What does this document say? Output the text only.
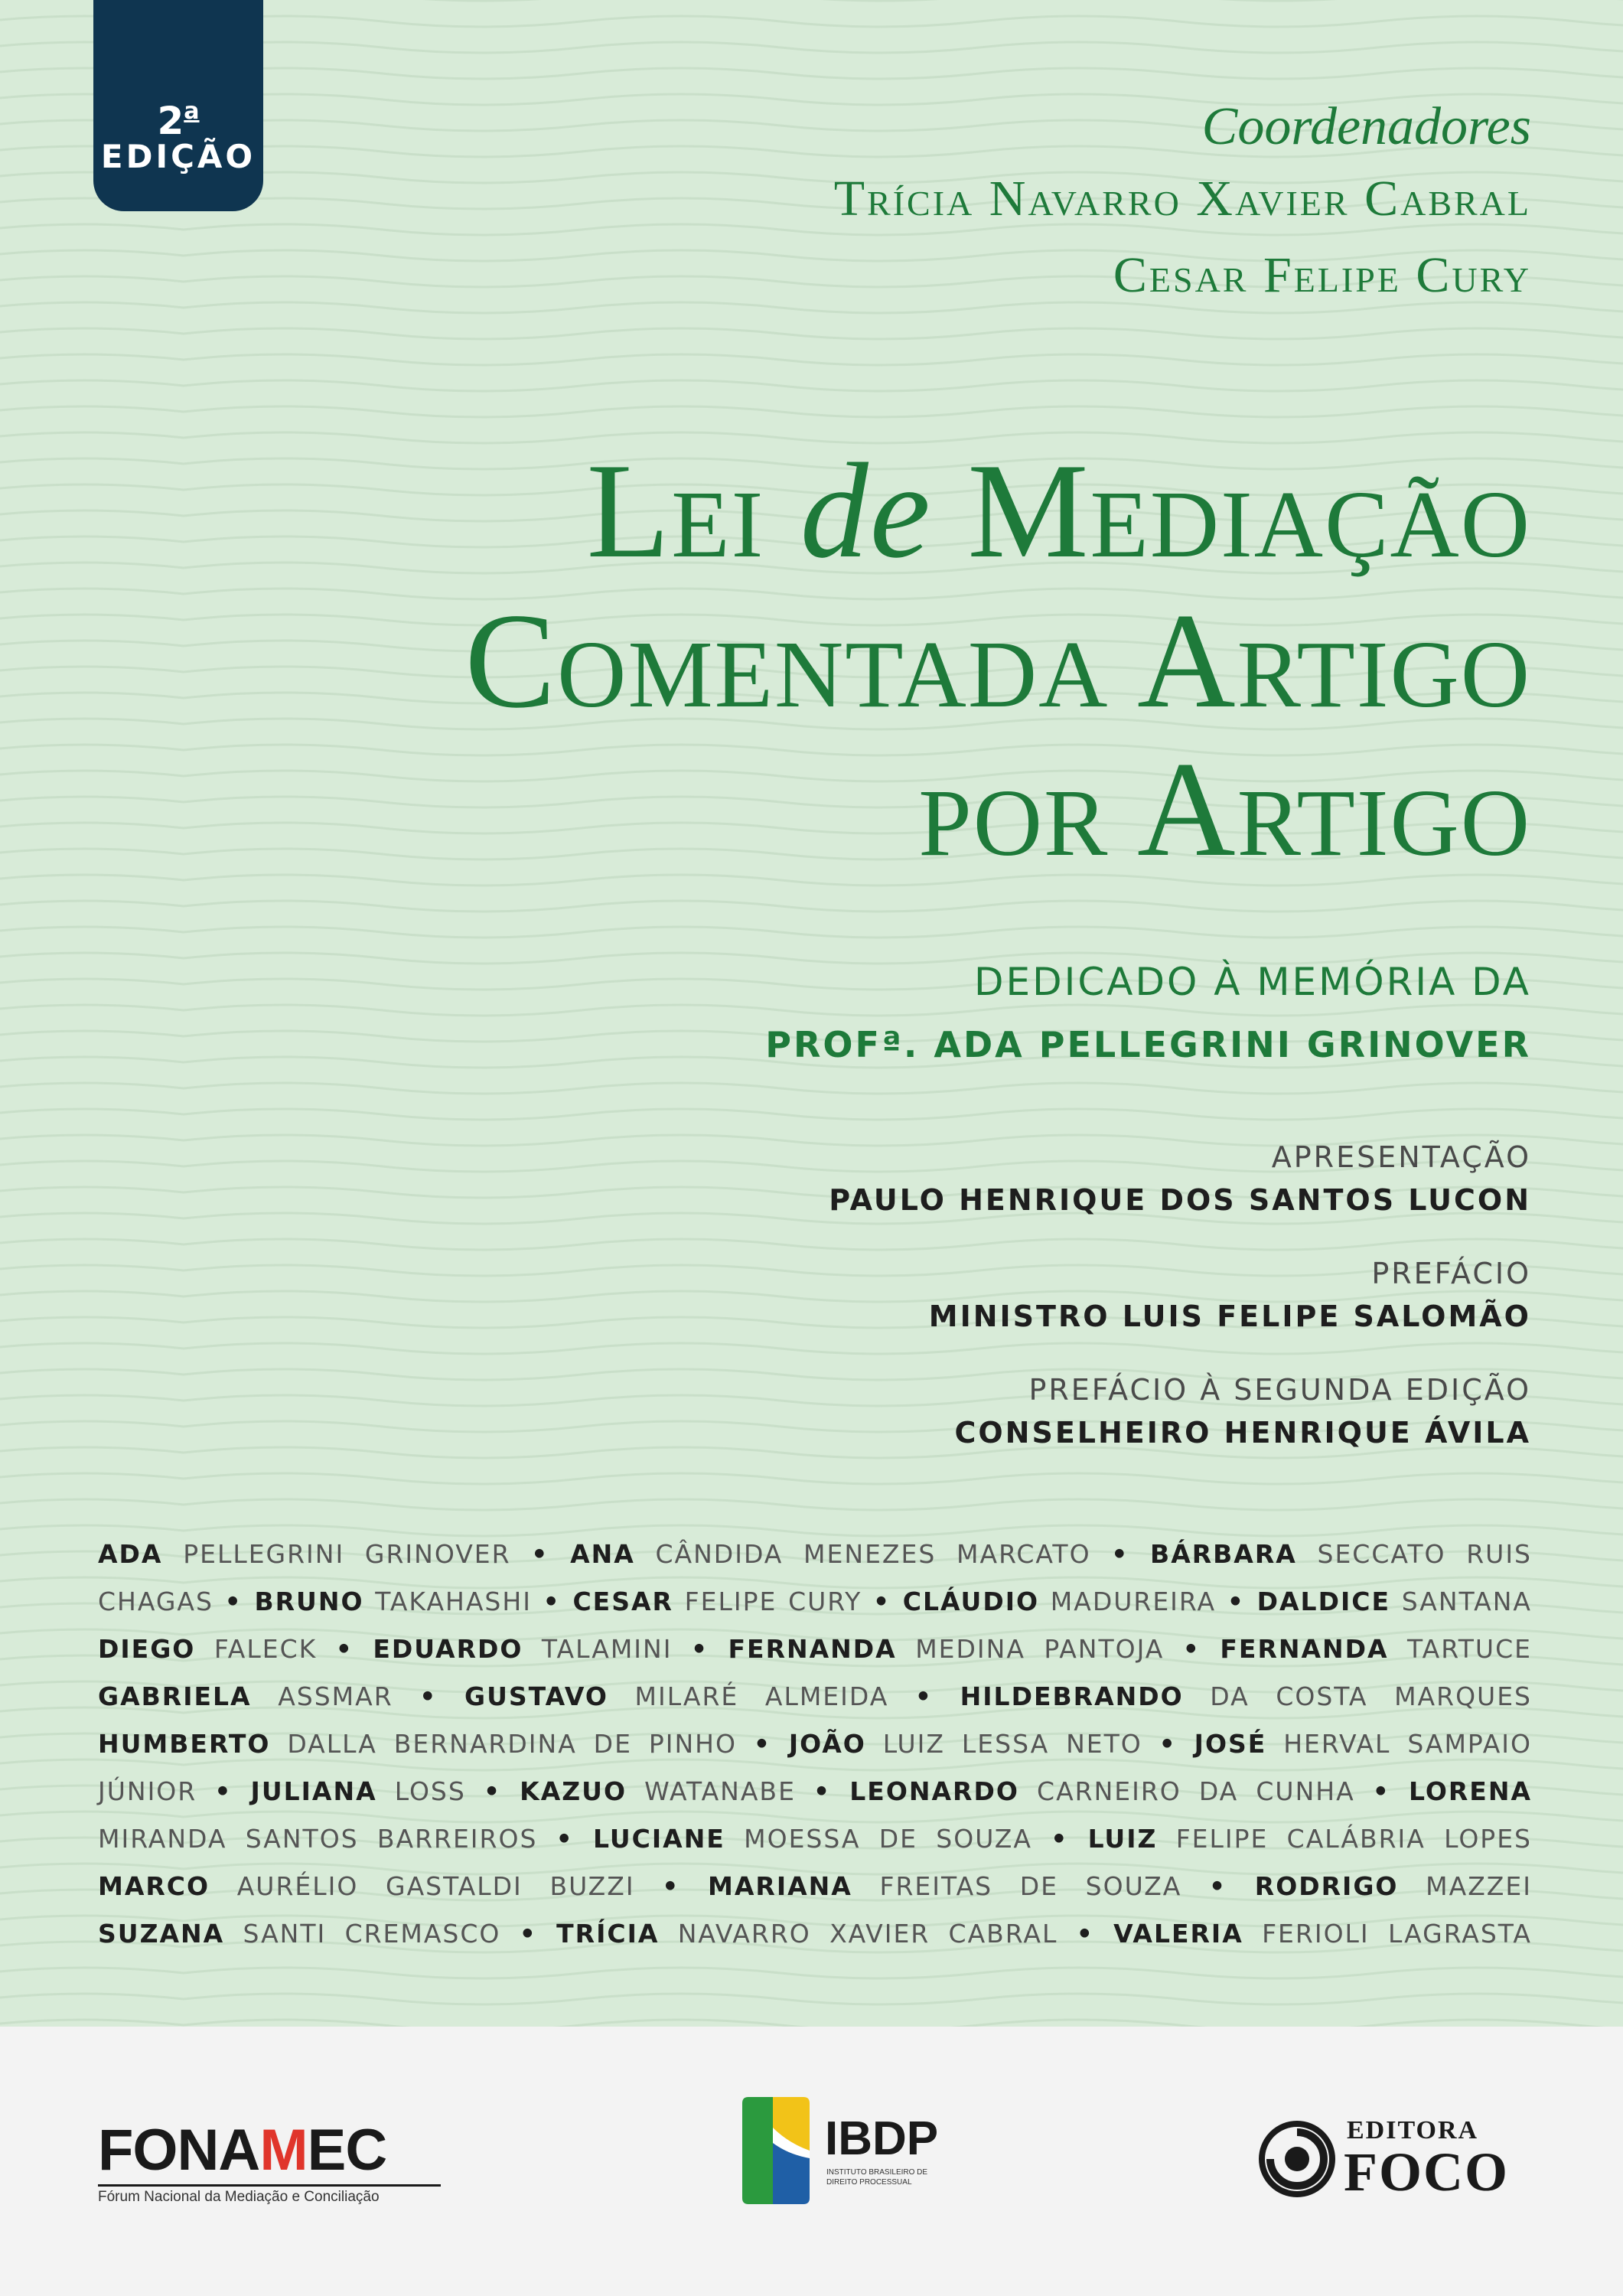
2$^a$
EDIÇÃO
Coordenadores
Trícia Navarro Xavier Cabral
Cesar Felipe Cury
Lei de Mediação
Comentada Artigo
por Artigo
DEDICADO À MEMÓRIA DA
PROFª. ADA PELLEGRINI GRINOVER
APRESENTAÇÃO
PAULO HENRIQUE DOS SANTOS LUCON
PREFÁCIO
MINISTRO LUIS FELIPE SALOMÃO
PREFÁCIO À SEGUNDA EDIÇÃO
CONSELHEIRO HENRIQUE ÁVILA
ADA PELLEGRINI GRINOVER • ANA CÂNDIDA MENEZES MARCATO • BÁRBARA SECCATO RUIS
CHAGAS • BRUNO TAKAHASHI • CESAR FELIPE CURY • CLÁUDIO MADUREIRA • DALDICE SANTANA
DIEGO FALECK • EDUARDO TALAMINI • FERNANDA MEDINA PANTOJA • FERNANDA TARTUCE
GABRIELA ASSMAR • GUSTAVO MILARÉ ALMEIDA • HILDEBRANDO DA COSTA MARQUES
HUMBERTO DALLA BERNARDINA DE PINHO • JOÃO LUIZ LESSA NETO • JOSÉ HERVAL SAMPAIO
JÚNIOR • JULIANA LOSS • KAZUO WATANABE • LEONARDO CARNEIRO DA CUNHA • LORENA
MIRANDA SANTOS BARREIROS • LUCIANE MOESSA DE SOUZA • LUIZ FELIPE CALÁBRIA LOPES
MARCO AURÉLIO GASTALDI BUZZI • MARIANA FREITAS DE SOUZA • RODRIGO MAZZEI
SUZANA SANTI CREMASCO • TRÍCIA NAVARRO XAVIER CABRAL • VALERIA FERIOLI LAGRASTA
FONAMEC
Fórum Nacional da Mediação e Conciliação
IBDP
INSTITUTO BRASILEIRO DE DIREITO PROCESSUAL
EDITORA
FOCO
